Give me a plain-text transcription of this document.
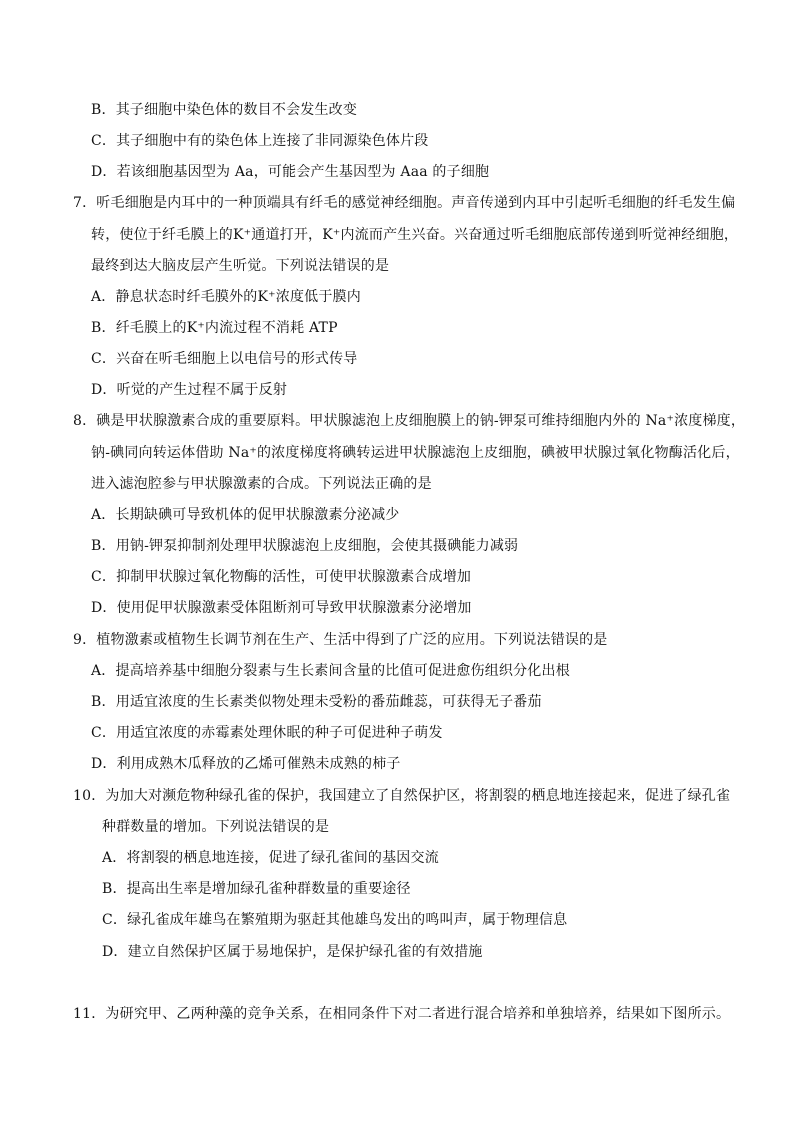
B．其子细胞中染色体的数目不会发生改变
C．其子细胞中有的染色体上连接了非同源染色体片段
D．若该细胞基因型为 Aa，可能会产生基因型为 Aaa 的子细胞
7．听毛细胞是内耳中的一种顶端具有纤毛的感觉神经细胞。声音传递到内耳中引起听毛细胞的纤毛发生偏
转，使位于纤毛膜上的K⁺通道打开，K⁺内流而产生兴奋。兴奋通过听毛细胞底部传递到听觉神经细胞，
最终到达大脑皮层产生听觉。下列说法错误的是
A．静息状态时纤毛膜外的K⁺浓度低于膜内
B．纤毛膜上的K⁺内流过程不消耗 ATP
C．兴奋在听毛细胞上以电信号的形式传导
D．听觉的产生过程不属于反射
8．碘是甲状腺激素合成的重要原料。甲状腺滤泡上皮细胞膜上的钠-钾泵可维持细胞内外的 Na⁺浓度梯度，
钠-碘同向转运体借助 Na⁺的浓度梯度将碘转运进甲状腺滤泡上皮细胞，碘被甲状腺过氧化物酶活化后，
进入滤泡腔参与甲状腺激素的合成。下列说法正确的是
A．长期缺碘可导致机体的促甲状腺激素分泌减少
B．用钠-钾泵抑制剂处理甲状腺滤泡上皮细胞，会使其摄碘能力减弱
C．抑制甲状腺过氧化物酶的活性，可使甲状腺激素合成增加
D．使用促甲状腺激素受体阻断剂可导致甲状腺激素分泌增加
9．植物激素或植物生长调节剂在生产、生活中得到了广泛的应用。下列说法错误的是
A．提高培养基中细胞分裂素与生长素间含量的比值可促进愈伤组织分化出根
B．用适宜浓度的生长素类似物处理未受粉的番茄雌蕊，可获得无子番茄
C．用适宜浓度的赤霉素处理休眠的种子可促进种子萌发
D．利用成熟木瓜释放的乙烯可催熟未成熟的柿子
10．为加大对濒危物种绿孔雀的保护，我国建立了自然保护区，将割裂的栖息地连接起来，促进了绿孔雀
种群数量的增加。下列说法错误的是
A．将割裂的栖息地连接，促进了绿孔雀间的基因交流
B．提高出生率是增加绿孔雀种群数量的重要途径
C．绿孔雀成年雄鸟在繁殖期为驱赶其他雄鸟发出的鸣叫声，属于物理信息
D．建立自然保护区属于易地保护，是保护绿孔雀的有效措施
11．为研究甲、乙两种藻的竞争关系，在相同条件下对二者进行混合培养和单独培养，结果如下图所示。
